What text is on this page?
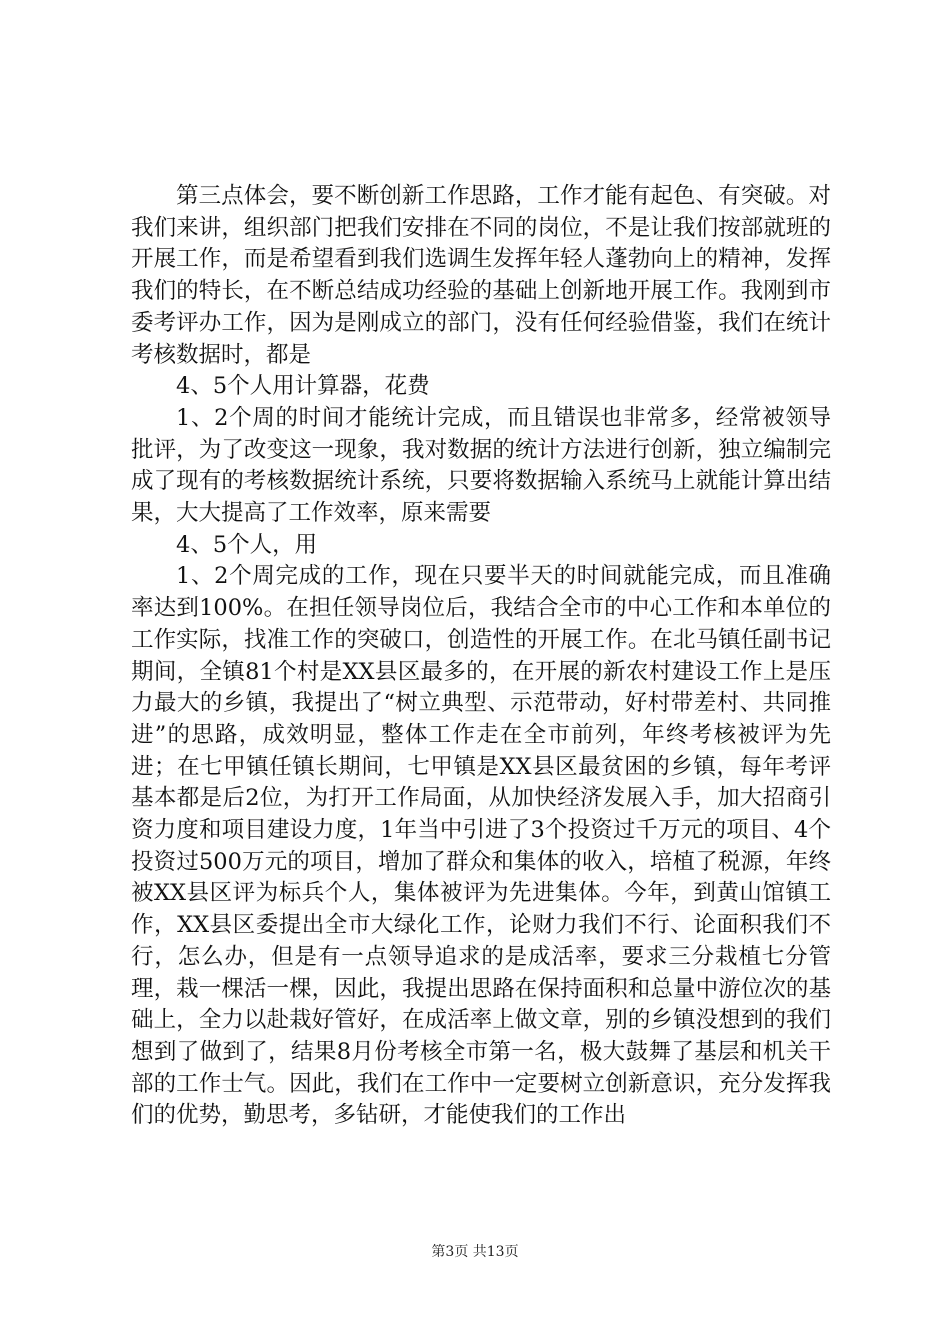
第三点体会，要不断创新工作思路，工作才能有起色、有突破。对我们来讲，组织部门把我们安排在不同的岗位，不是让我们按部就班的开展工作，而是希望看到我们选调生发挥年轻人蓬勃向上的精神，发挥我们的特长，在不断总结成功经验的基础上创新地开展工作。我刚到市委考评办工作，因为是刚成立的部门，没有任何经验借鉴，我们在统计考核数据时，都是

4、5个人用计算器，花费

1、2个周的时间才能统计完成，而且错误也非常多，经常被领导批评，为了改变这一现象，我对数据的统计方法进行创新，独立编制完成了现有的考核数据统计系统，只要将数据输入系统马上就能计算出结果，大大提高了工作效率，原来需要

4、5个人，用

1、2个周完成的工作，现在只要半天的时间就能完成，而且准确率达到100%。在担任领导岗位后，我结合全市的中心工作和本单位的工作实际，找准工作的突破口，创造性的开展工作。在北马镇任副书记期间，全镇81个村是XX县区最多的，在开展的新农村建设工作上是压力最大的乡镇，我提出了“树立典型、示范带动，好村带差村、共同推进”的思路，成效明显，整体工作走在全市前列，年终考核被评为先进；在七甲镇任镇长期间，七甲镇是XX县区最贫困的乡镇，每年考评基本都是后2位，为打开工作局面，从加快经济发展入手，加大招商引资力度和项目建设力度，1年当中引进了3个投资过千万元的项目、4个投资过500万元的项目，增加了群众和集体的收入，培植了税源，年终被XX县区评为标兵个人，集体被评为先进集体。今年，到黄山馆镇工作，XX县区委提出全市大绿化工作，论财力我们不行、论面积我们不行，怎么办，但是有一点领导追求的是成活率，要求三分栽植七分管理，栽一棵活一棵，因此，我提出思路在保持面积和总量中游位次的基础上，全力以赴栽好管好，在成活率上做文章，别的乡镇没想到的我们想到了做到了，结果8月份考核全市第一名，极大鼓舞了基层和机关干部的工作士气。因此，我们在工作中一定要树立创新意识，充分发挥我们的优势，勤思考，多钻研，才能使我们的工作出

第3页 共13页
